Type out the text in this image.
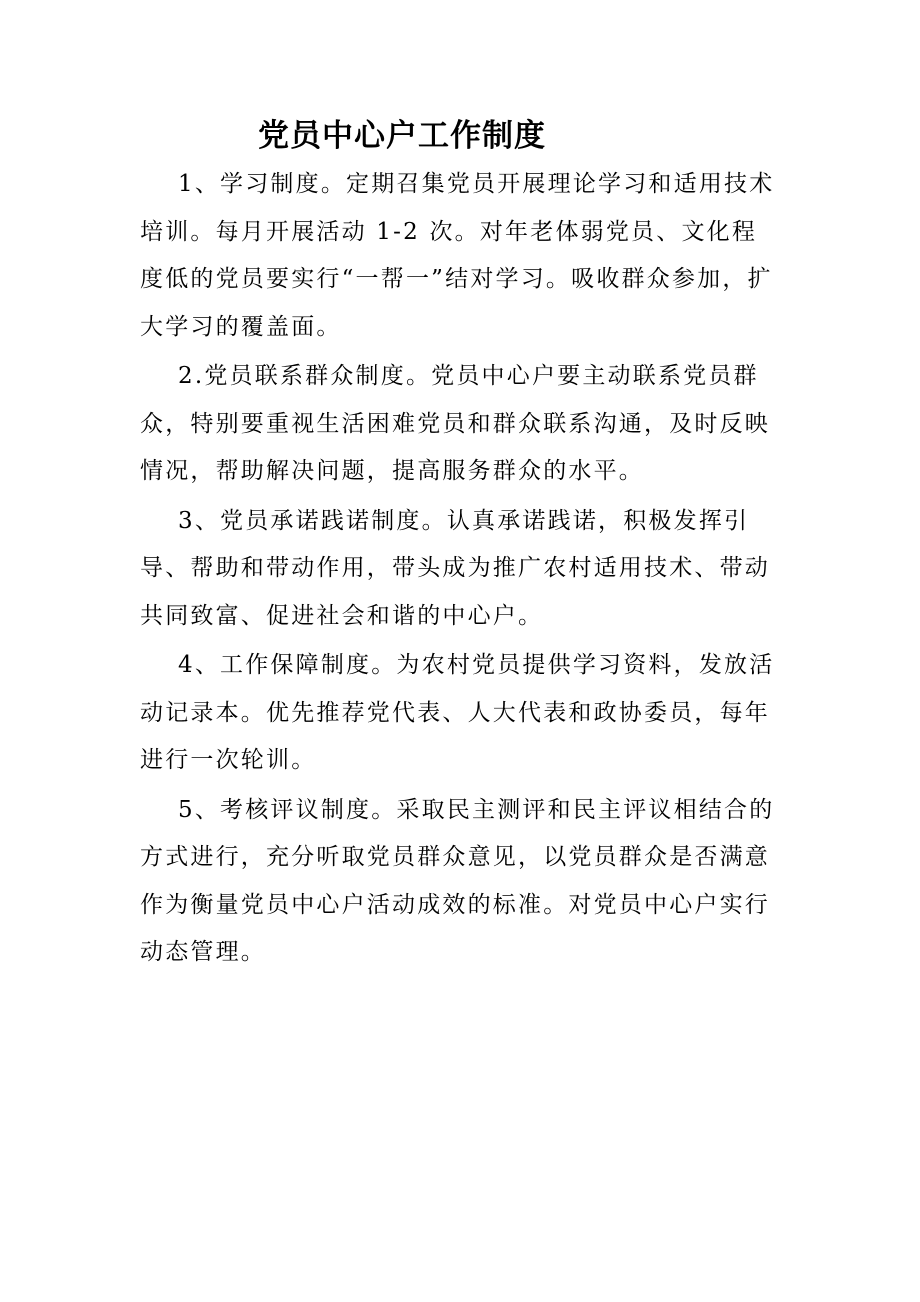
党员中心户工作制度

1、学习制度。定期召集党员开展理论学习和适用技术培训。每月开展活动 1-2 次。对年老体弱党员、文化程度低的党员要实行“一帮一”结对学习。吸收群众参加，扩大学习的覆盖面。

2.党员联系群众制度。党员中心户要主动联系党员群众，特别要重视生活困难党员和群众联系沟通，及时反映情况，帮助解决问题，提高服务群众的水平。

3、党员承诺践诺制度。认真承诺践诺，积极发挥引导、帮助和带动作用，带头成为推广农村适用技术、带动共同致富、促进社会和谐的中心户。

4、工作保障制度。为农村党员提供学习资料，发放活动记录本。优先推荐党代表、人大代表和政协委员，每年进行一次轮训。

5、考核评议制度。采取民主测评和民主评议相结合的方式进行，充分听取党员群众意见，以党员群众是否满意作为衡量党员中心户活动成效的标准。对党员中心户实行动态管理。
